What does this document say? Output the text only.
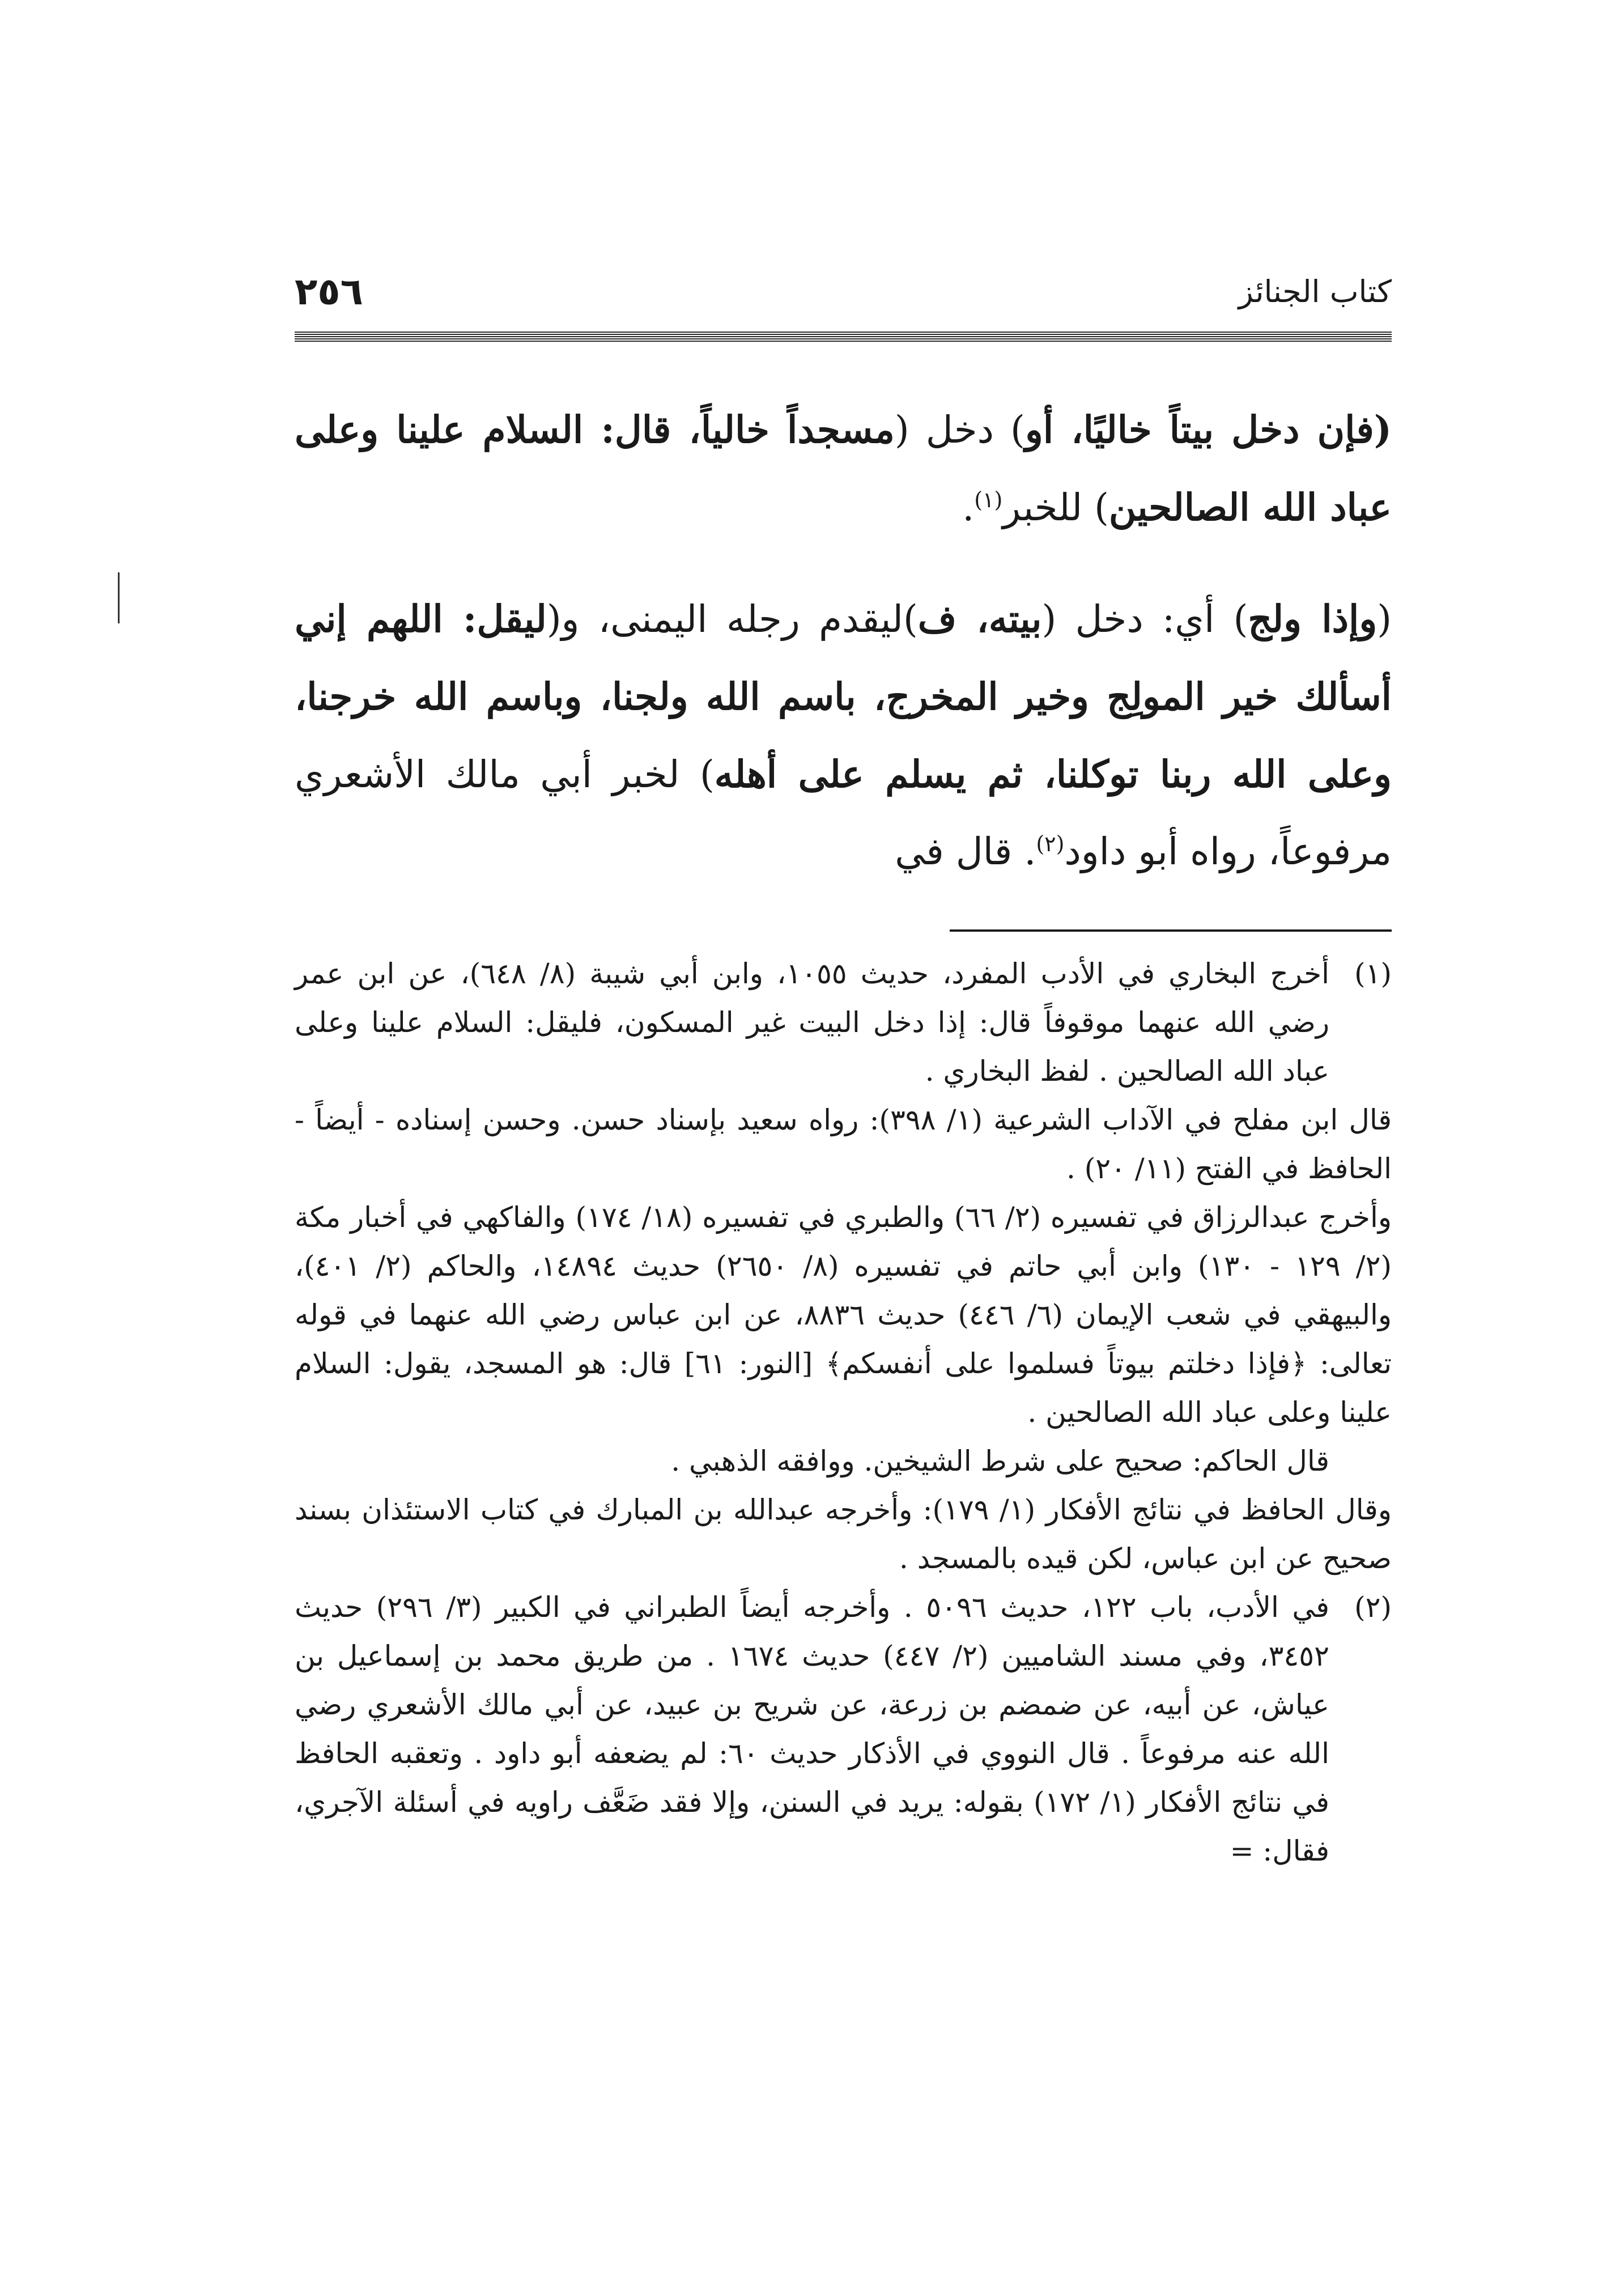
٢٥٦	كتاب الجنائز

(فإن دخل بيتاً خاليًا، أو) دخل (مسجداً خالياً، قال: السلام علينا وعلى عباد الله الصالحين) للخبر$^{(١)}$.

(وإذا ولج) أي: دخل (بيته، ف)ليقدم رجله اليمنى، و(ليقل: اللهم إني أسألك خير المولِج وخير المخرج، باسم الله ولجنا، وباسم الله خرجنا، وعلى الله ربنا توكلنا، ثم يسلم على أهله) لخبر أبي مالك الأشعري مرفوعاً، رواه أبو داود$^{(٢)}$. قال في

(١)

أخرج البخاري في الأدب المفرد، حديث ١٠٥٥، وابن أبي شيبة (٨/ ٦٤٨)، عن ابن عمر رضي الله عنهما موقوفاً قال: إذا دخل البيت غير المسكون، فليقل: السلام علينا وعلى عباد الله الصالحين . لفظ البخاري .

قال ابن مفلح في الآداب الشرعية (١/ ٣٩٨): رواه سعيد بإسناد حسن. وحسن إسناده - أيضاً - الحافظ في الفتح (١١/ ٢٠) .

وأخرج عبدالرزاق في تفسيره (٢/ ٦٦) والطبري في تفسيره (١٨/ ١٧٤) والفاكهي في أخبار مكة (٢/ ١٢٩ - ١٣٠) وابن أبي حاتم في تفسيره (٨/ ٢٦٥٠) حديث ١٤٨٩٤، والحاكم (٢/ ٤٠١)، والبيهقي في شعب الإيمان (٦/ ٤٤٦) حديث ٨٨٣٦، عن ابن عباس رضي الله عنهما في قوله تعالى: ﴿فإذا دخلتم بيوتاً فسلموا على أنفسكم﴾ [النور: ٦١] قال: هو المسجد، يقول: السلام علينا وعلى عباد الله الصالحين .

قال الحاكم: صحيح على شرط الشيخين. ووافقه الذهبي .

وقال الحافظ في نتائج الأفكار (١/ ١٧٩): وأخرجه عبدالله بن المبارك في كتاب الاستئذان بسند صحيح عن ابن عباس، لكن قيده بالمسجد .

(٢)

في الأدب، باب ١٢٢، حديث ٥٠٩٦ . وأخرجه أيضاً الطبراني في الكبير (٣/ ٢٩٦) حديث ٣٤٥٢، وفي مسند الشاميين (٢/ ٤٤٧) حديث ١٦٧٤ . من طريق محمد بن إسماعيل بن عياش، عن أبيه، عن ضمضم بن زرعة، عن شريح بن عبيد، عن أبي مالك الأشعري رضي الله عنه مرفوعاً . قال النووي في الأذكار حديث ٦٠: لم يضعفه أبو داود . وتعقبه الحافظ في نتائج الأفكار (١/ ١٧٢) بقوله: يريد في السنن، وإلا فقد ضَعَّف راويه في أسئلة الآجري، فقال: =
